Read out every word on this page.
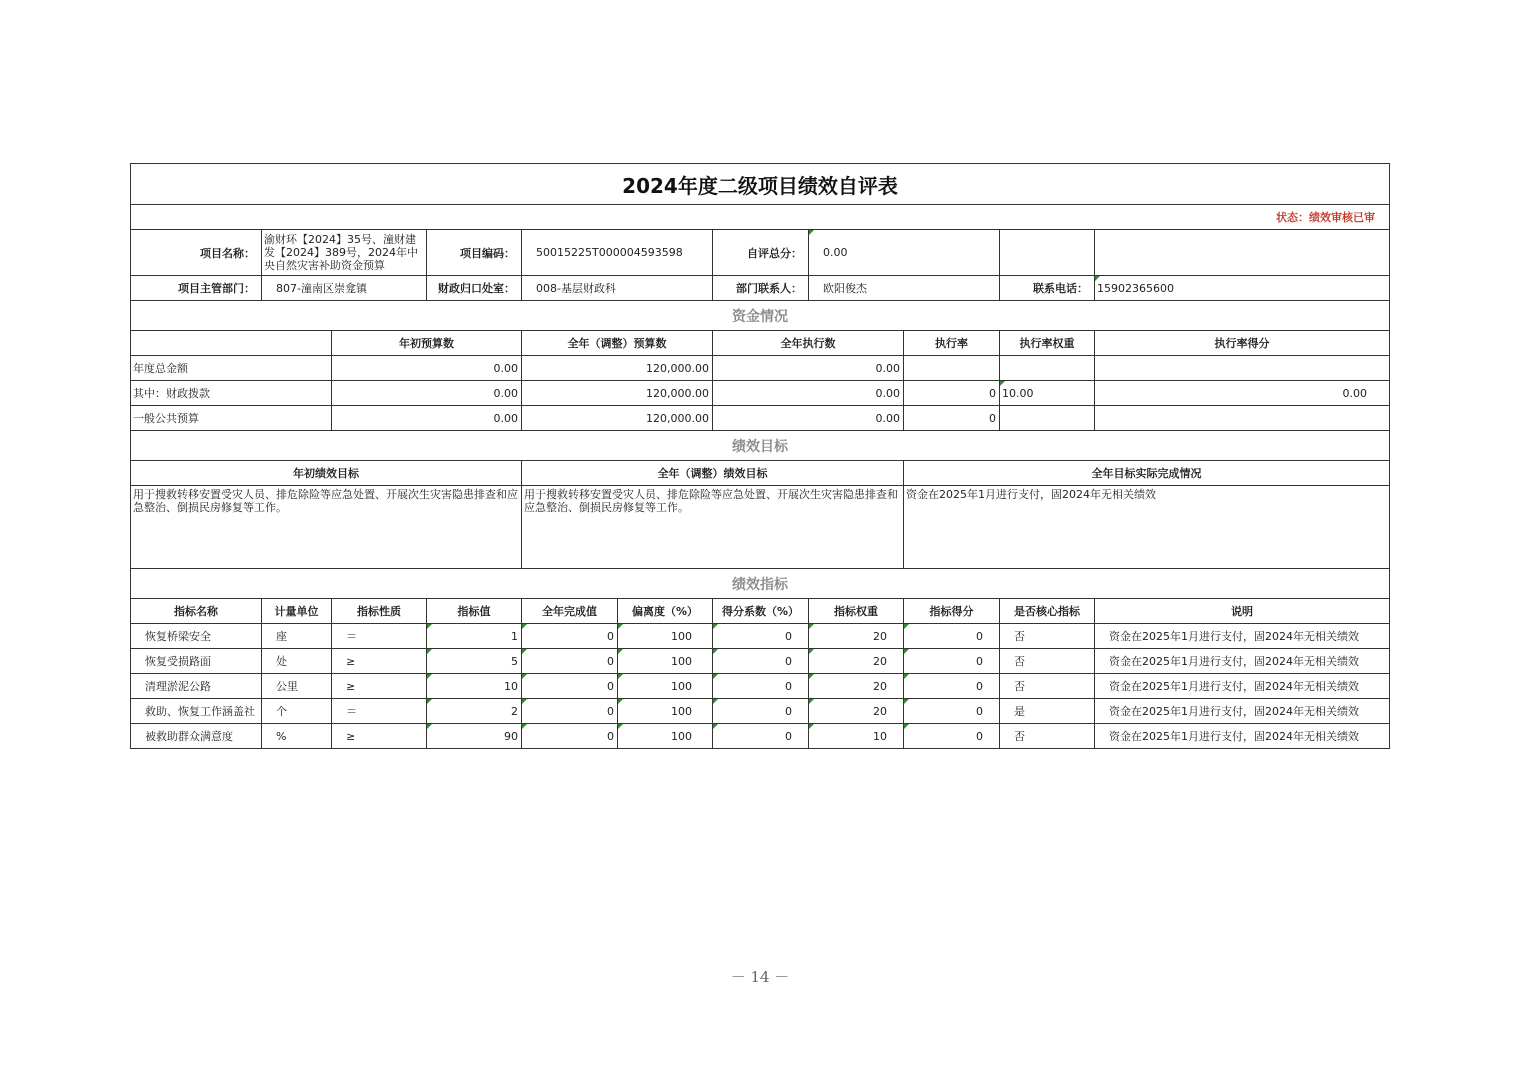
2024年度二级项目绩效自评表										
状态：绩效审核已审										
项目名称：	渝财环【2024】35号、潼财建发【2024】389号，2024年中央自然灾害补助资金预算		项目编码：	50015225T000004593598		自评总分：	0.00			
项目主管部门：	807-潼南区崇龛镇		财政归口处室：	008-基层财政科		部门联系人：	欧阳俊杰		联系电话：	15902365600
资金情况										
		年初预算数		全年（调整）预算数		全年执行数		执行率	执行率权重	执行率得分
年度总金额		0.00		120,000.00		0.00				
其中：财政拨款		0.00		120,000.00		0.00		0	10.00	0.00
一般公共预算		0.00		120,000.00		0.00		0		
绩效目标										
年初绩效目标				全年（调整）绩效目标				全年目标实际完成情况		
用于搜救转移安置受灾人员、排危除险等应急处置、开展次生灾害隐患排查和应急整治、倒损民房修复等工作。				用于搜救转移安置受灾人员、排危除险等应急处置、开展次生灾害隐患排查和应急整治、倒损民房修复等工作。				资金在2025年1月进行支付，固2024年无相关绩效		
绩效指标										
指标名称	计量单位	指标性质	指标值	全年完成值	偏离度（%）	得分系数（%）	指标权重	指标得分	是否核心指标	说明
恢复桥梁安全	座	＝	1	0	100	0	20	0	否	资金在2025年1月进行支付，固2024年无相关绩效
恢复受损路面	处	≥	5	0	100	0	20	0	否	资金在2025年1月进行支付，固2024年无相关绩效
清理淤泥公路	公里	≥	10	0	100	0	20	0	否	资金在2025年1月进行支付，固2024年无相关绩效
救助、恢复工作涵盖社	个	＝	2	0	100	0	20	0	是	资金在2025年1月进行支付，固2024年无相关绩效
被救助群众满意度	%	≥	90	0	100	0	10	0	否	资金在2025年1月进行支付，固2024年无相关绩效
－ 14 －
